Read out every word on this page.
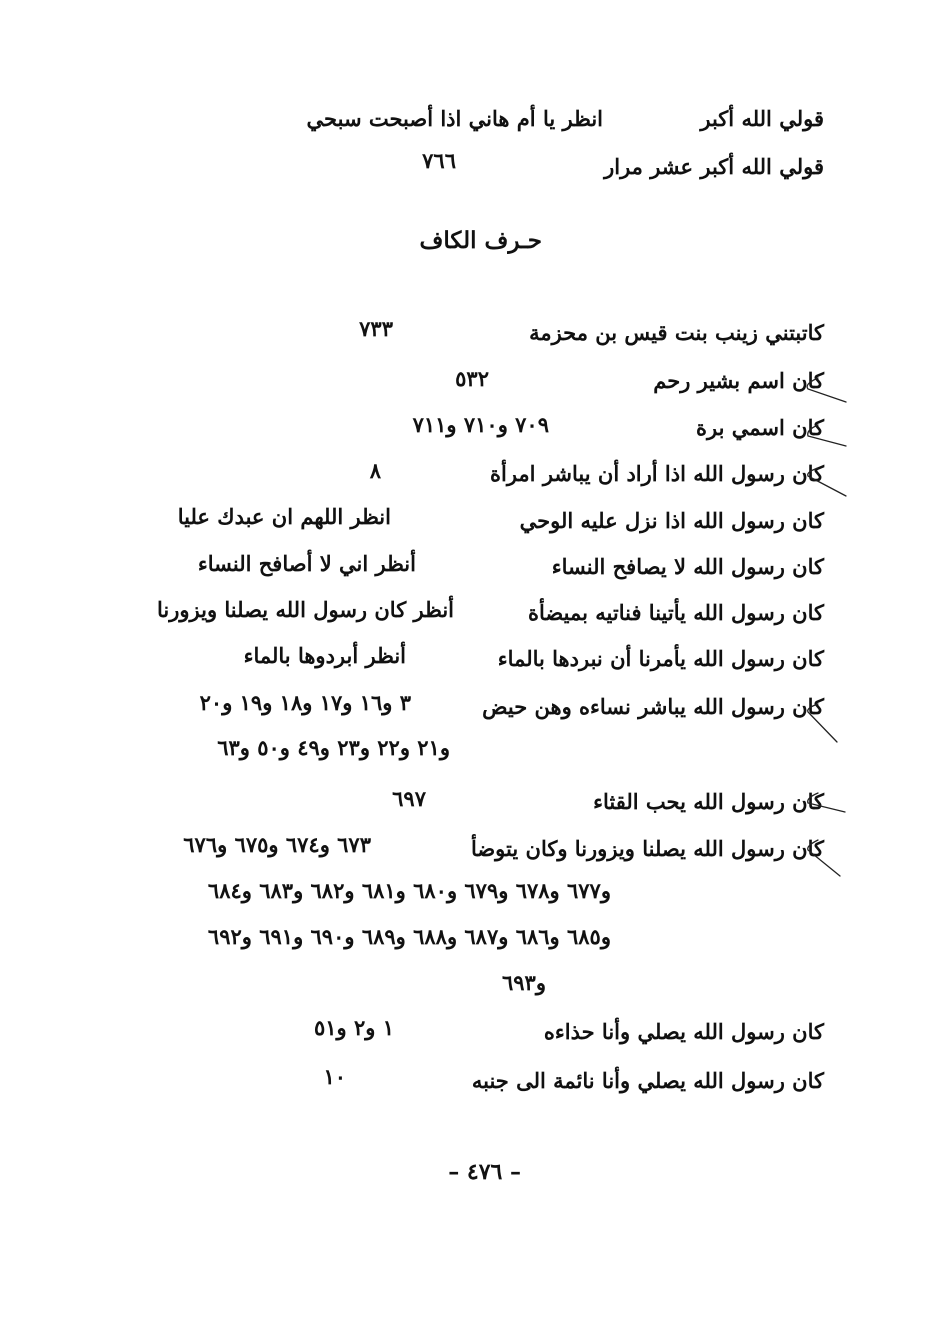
قولي الله أكبر
انظر يا أم هاني اذا أصبحت سبحي
قولي الله أكبر عشر مرار
٧٦٦
حـرف الكاف
كاتبتني زينب بنت قيس بن محزمة
٧٣٣
كان اسم بشير رحم
٥٣٢
كان اسمي برة
٧٠٩ و٧١٠ و٧١١
كان رسول الله اذا أراد أن يباشر امرأة
٨
كان رسول الله اذا نزل عليه الوحي
انظر اللهم ان عبدك عليا
كان رسول الله لا يصافح النساء
أنظر اني لا أصافح النساء
كان رسول الله يأتينا فناتيه بميضأة
أنظر كان رسول الله يصلنا ويزورنا
كان رسول الله يأمرنا أن نبردها بالماء
أنظر أبردوها بالماء
كان رسول الله يباشر نساءه وهن حيض
٣ و١٦ و١٧ و١٨ و١٩ و٢٠
و٢١ و٢٢ و٢٣ و٤٩ و٥٠ و٦٣
كان رسول الله يحب القثاء
٦٩٧
كان رسول الله يصلنا ويزورنا وكان يتوضأ
٦٧٣ و٦٧٤ و٦٧٥ و٦٧٦
و٦٧٧ و٦٧٨ و٦٧٩ و٦٨٠ و٦٨١ و٦٨٢ و٦٨٣ و٦٨٤
و٦٨٥ و٦٨٦ و٦٨٧ و٦٨٨ و٦٨٩ و٦٩٠ و٦٩١ و٦٩٢
و٦٩٣
كان رسول الله يصلي وأنا حذاءه
١ و٢ و٥١
كان رسول الله يصلي وأنا نائمة الى جنبه
١٠
– ٤٧٦ –
